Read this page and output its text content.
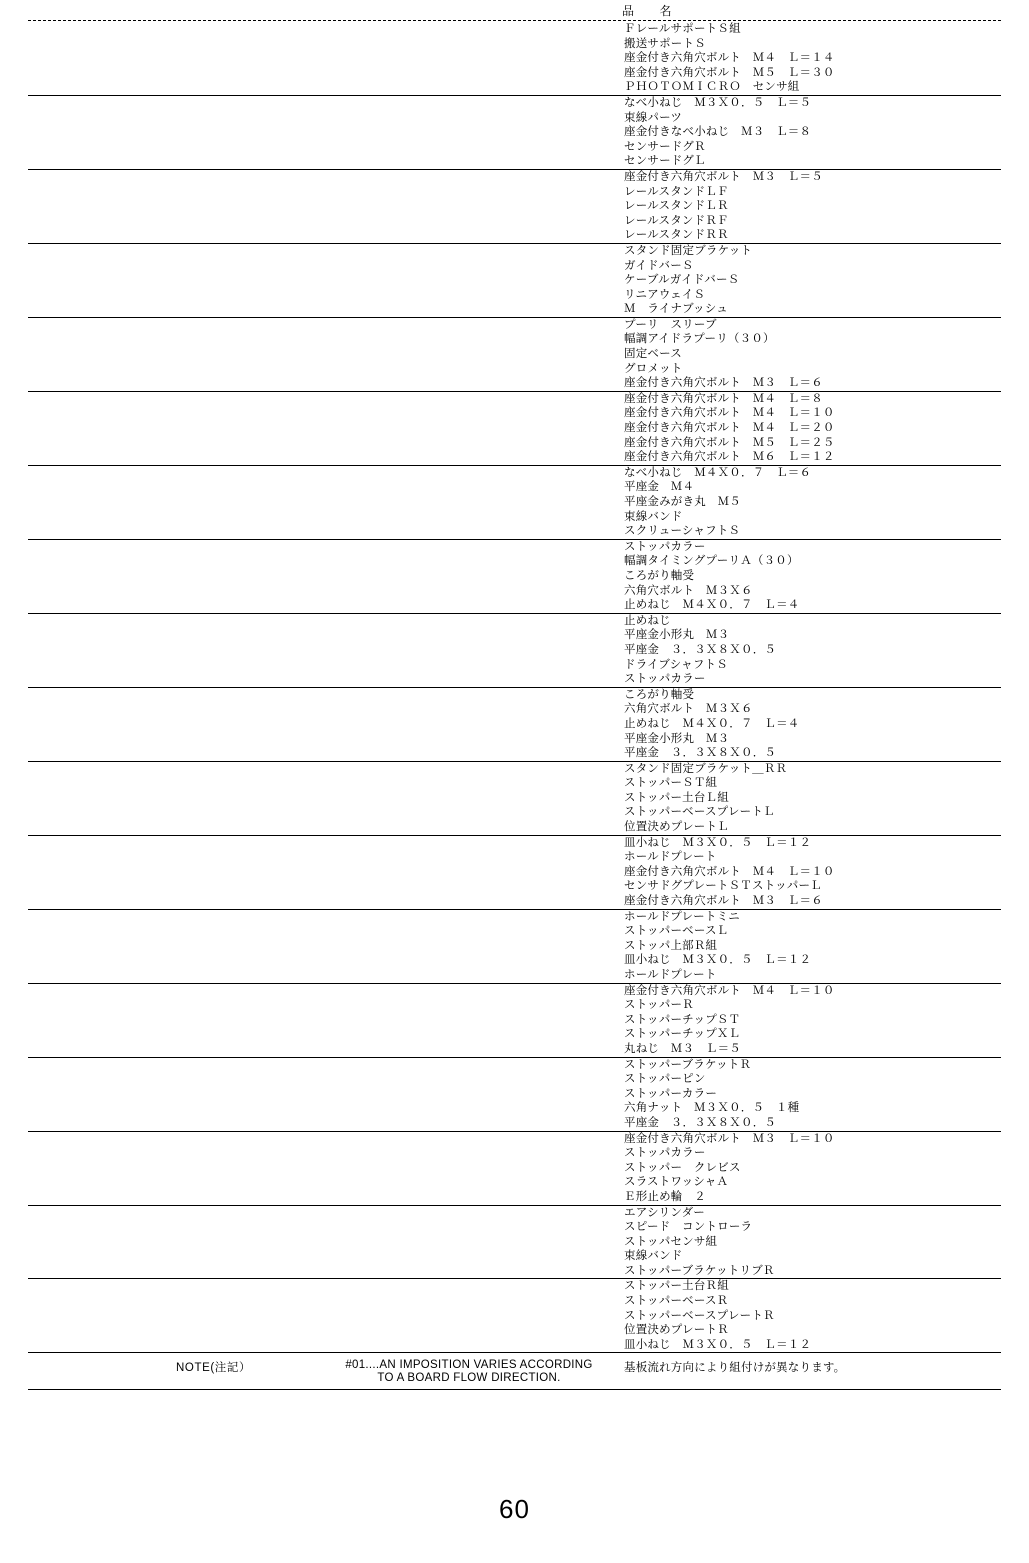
品　　名
ＦレールサポートＳ組
搬送サポートＳ
座金付き六角穴ボルト　Ｍ４　Ｌ＝１４
座金付き六角穴ボルト　Ｍ５　Ｌ＝３０
ＰＨＯＴＯＭＩＣＲＯ　センサ組
なべ小ねじ　Ｍ３Ｘ０．５　Ｌ＝５
束線パーツ
座金付きなべ小ねじ　Ｍ３　Ｌ＝８
センサードグＲ
センサードグＬ
座金付き六角穴ボルト　Ｍ３　Ｌ＝５
レールスタンドＬＦ
レールスタンドＬＲ
レールスタンドＲＦ
レールスタンドＲＲ
スタンド固定ブラケット
ガイドバーＳ
ケーブルガイドバーＳ
リニアウェイＳ
Ｍ　ライナブッシュ
プーリ　スリーブ
幅調アイドラプーリ（３０）
固定ベース
グロメット
座金付き六角穴ボルト　Ｍ３　Ｌ＝６
座金付き六角穴ボルト　Ｍ４　Ｌ＝８
座金付き六角穴ボルト　Ｍ４　Ｌ＝１０
座金付き六角穴ボルト　Ｍ４　Ｌ＝２０
座金付き六角穴ボルト　Ｍ５　Ｌ＝２５
座金付き六角穴ボルト　Ｍ６　Ｌ＝１２
なべ小ねじ　Ｍ４Ｘ０．７　Ｌ＝６
平座金　Ｍ４
平座金みがき丸　Ｍ５
束線バンド
スクリューシャフトＳ
ストッパカラー
幅調タイミングプーリＡ（３０）
ころがり軸受
六角穴ボルト　Ｍ３Ｘ６
止めねじ　Ｍ４Ｘ０．７　Ｌ＝４
止めねじ
平座金小形丸　Ｍ３
平座金　３．３Ｘ８Ｘ０．５
ドライブシャフトＳ
ストッパカラー
ころがり軸受
六角穴ボルト　Ｍ３Ｘ６
止めねじ　Ｍ４Ｘ０．７　Ｌ＝４
平座金小形丸　Ｍ３
平座金　３．３Ｘ８Ｘ０．５
スタンド固定ブラケット＿ＲＲ
ストッパーＳＴ組
ストッパー土台Ｌ組
ストッパーベースプレートＬ
位置決めプレートＬ
皿小ねじ　Ｍ３Ｘ０．５　Ｌ＝１２
ホールドプレート
座金付き六角穴ボルト　Ｍ４　Ｌ＝１０
センサドグプレートＳＴストッパーＬ
座金付き六角穴ボルト　Ｍ３　Ｌ＝６
ホールドプレートミニ
ストッパーベースＬ
ストッパ上部Ｒ組
皿小ねじ　Ｍ３Ｘ０．５　Ｌ＝１２
ホールドプレート
座金付き六角穴ボルト　Ｍ４　Ｌ＝１０
ストッパーＲ
ストッパーチップＳＴ
ストッパーチップＸＬ
丸ねじ　Ｍ３　Ｌ＝５
ストッパーブラケットＲ
ストッパーピン
ストッパーカラー
六角ナット　Ｍ３Ｘ０．５　１種
平座金　３．３Ｘ８Ｘ０．５
座金付き六角穴ボルト　Ｍ３　Ｌ＝１０
ストッパカラー
ストッパー　クレビス
スラストワッシャＡ
Ｅ形止め輪　２
エアシリンダー
スピード　コントローラ
ストッパセンサ組
束線バンド
ストッパーブラケットリブＲ
ストッパー土台Ｒ組
ストッパーベースＲ
ストッパーベースプレートＲ
位置決めプレートＲ
皿小ねじ　Ｍ３Ｘ０．５　Ｌ＝１２
NOTE(注記）	#01....AN IMPOSITION VARIES ACCORDING
TO A BOARD FLOW DIRECTION.
基板流れ方向により組付けが異なります。
60
